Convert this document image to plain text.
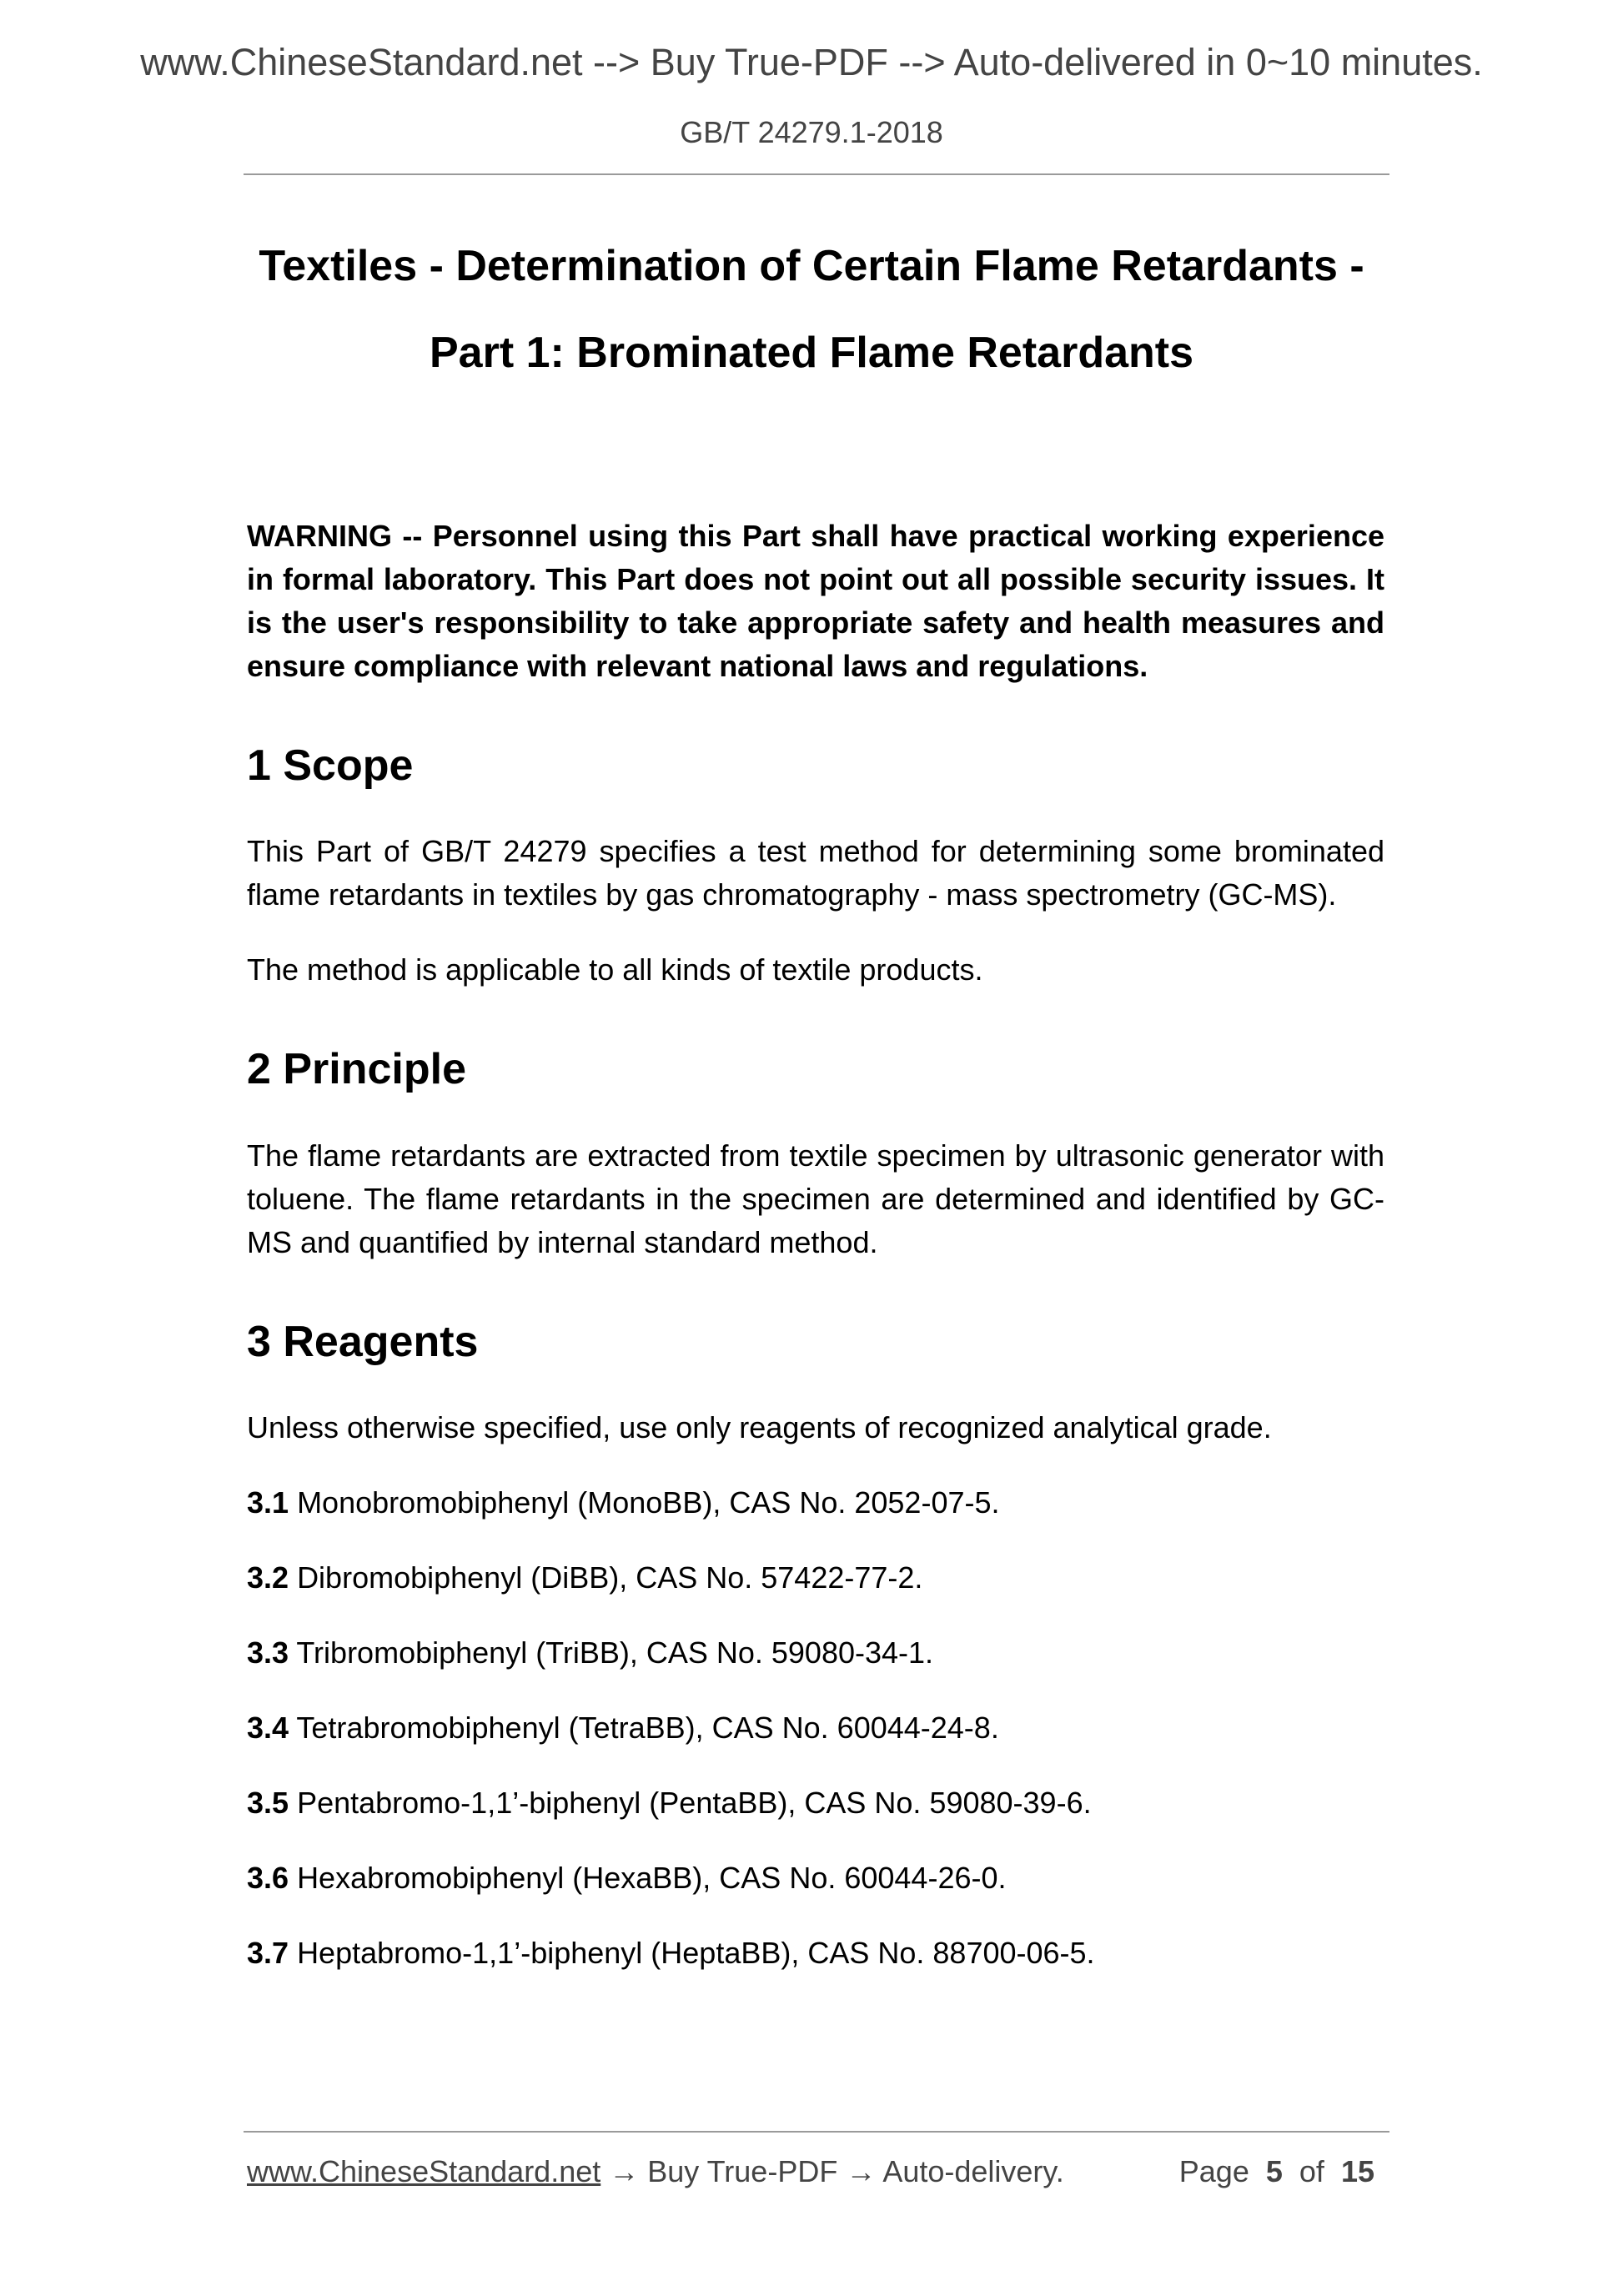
www.ChineseStandard.net --> Buy True-PDF --> Auto-delivered in 0~10 minutes.
GB/T 24279.1-2018
Textiles - Determination of Certain Flame Retardants -
Part 1: Brominated Flame Retardants

WARNING -- Personnel using this Part shall have practical working experience in formal laboratory. This Part does not point out all possible security issues. It is the user's responsibility to take appropriate safety and health measures and ensure compliance with relevant national laws and regulations.

1 Scope

This Part of GB/T 24279 specifies a test method for determining some brominated flame retardants in textiles by gas chromatography - mass spectrometry (GC-MS).

The method is applicable to all kinds of textile products.

2 Principle

The flame retardants are extracted from textile specimen by ultrasonic generator with toluene. The flame retardants in the specimen are determined and identified by GC-MS and quantified by internal standard method.

3 Reagents

Unless otherwise specified, use only reagents of recognized analytical grade.

3.1 Monobromobiphenyl (MonoBB), CAS No. 2052-07-5.

3.2 Dibromobiphenyl (DiBB), CAS No. 57422-77-2.

3.3 Tribromobiphenyl (TriBB), CAS No. 59080-34-1.

3.4 Tetrabromobiphenyl (TetraBB), CAS No. 60044-24-8.

3.5 Pentabromo-1,1’-biphenyl (PentaBB), CAS No. 59080-39-6.

3.6 Hexabromobiphenyl (HexaBB), CAS No. 60044-26-0.

3.7 Heptabromo-1,1’-biphenyl (HeptaBB), CAS No. 88700-06-5.

www.ChineseStandard.net → Buy True-PDF → Auto-delivery.	Page 5 of 15
